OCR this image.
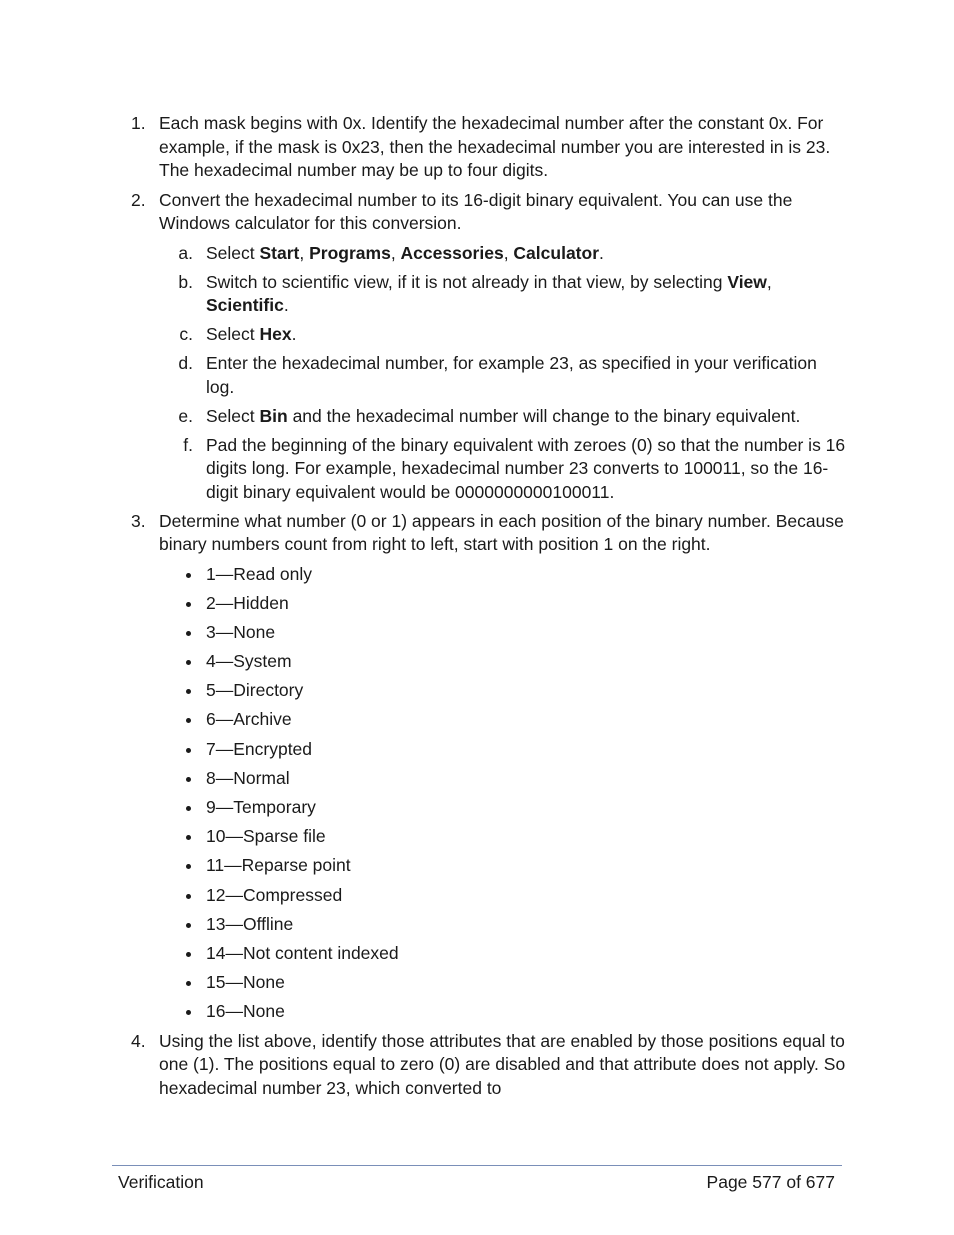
1. Each mask begins with 0x. Identify the hexadecimal number after the constant 0x. For example, if the mask is 0x23, then the hexadecimal number you are interested in is 23. The hexadecimal number may be up to four digits.
2. Convert the hexadecimal number to its 16-digit binary equivalent. You can use the Windows calculator for this conversion.
a. Select Start, Programs, Accessories, Calculator.
b. Switch to scientific view, if it is not already in that view, by selecting View, Scientific.
c. Select Hex.
d. Enter the hexadecimal number, for example 23, as specified in your verification log.
e. Select Bin and the hexadecimal number will change to the binary equivalent.
f. Pad the beginning of the binary equivalent with zeroes (0) so that the number is 16 digits long. For example, hexadecimal number 23 converts to 100011, so the 16-digit binary equivalent would be 0000000000100011.
3. Determine what number (0 or 1) appears in each position of the binary number. Because binary numbers count from right to left, start with position 1 on the right.
1—Read only
2—Hidden
3—None
4—System
5—Directory
6—Archive
7—Encrypted
8—Normal
9—Temporary
10—Sparse file
11—Reparse point
12—Compressed
13—Offline
14—Not content indexed
15—None
16—None
4. Using the list above, identify those attributes that are enabled by those positions equal to one (1). The positions equal to zero (0) are disabled and that attribute does not apply. So hexadecimal number 23, which converted to
Verification	Page 577 of 677
